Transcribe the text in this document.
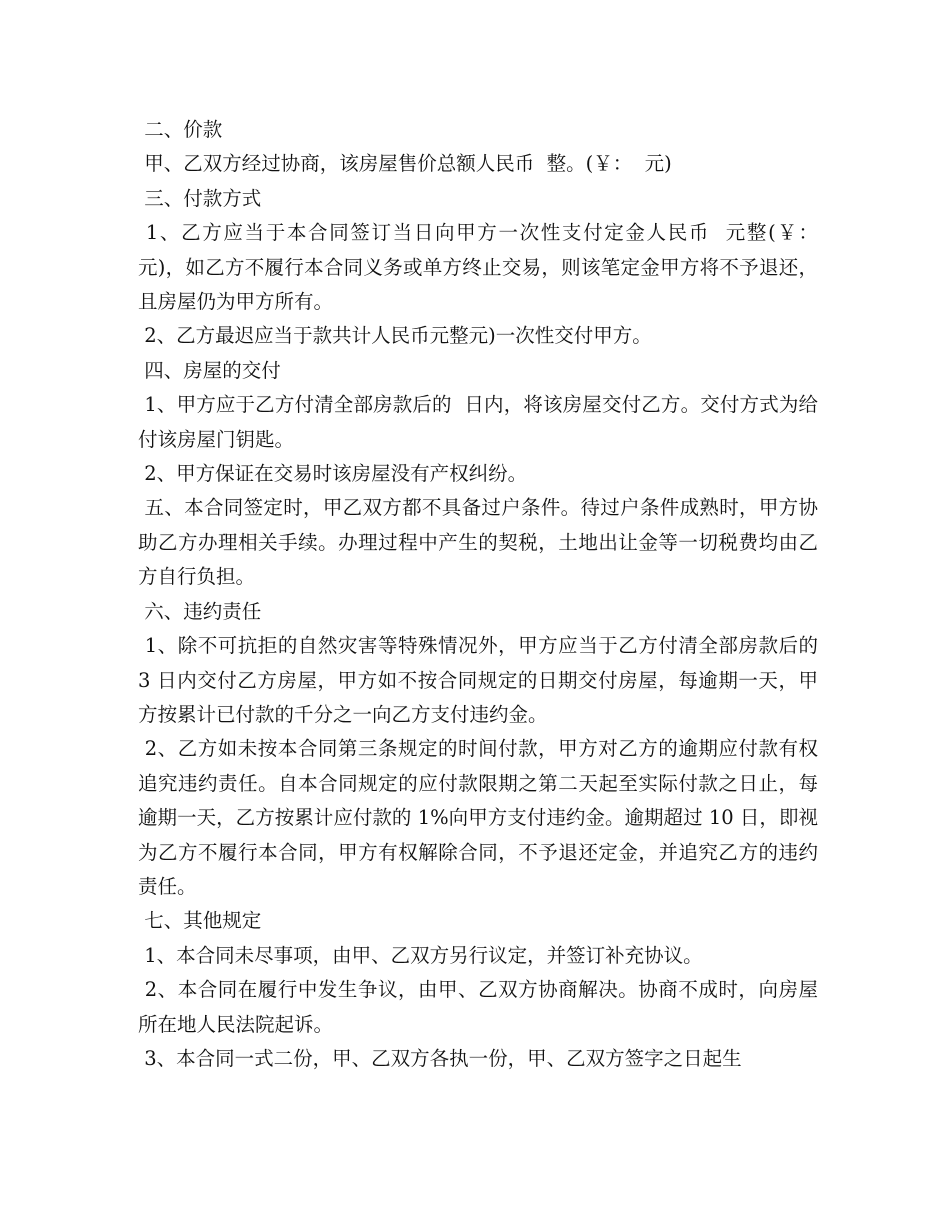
二、价款

甲、乙双方经过协商，该房屋售价总额人民币  整。(￥：  元)

三、付款方式

1、乙方应当于本合同签订当日向甲方一次性支付定金人民币  元整(￥：  元)，如乙方不履行本合同义务或单方终止交易，则该笔定金甲方将不予退还，且房屋仍为甲方所有。

2、乙方最迟应当于款共计人民币元整元)一次性交付甲方。

四、房屋的交付

1、甲方应于乙方付清全部房款后的  日内，将该房屋交付乙方。交付方式为给付该房屋门钥匙。

2、甲方保证在交易时该房屋没有产权纠纷。

五、本合同签定时，甲乙双方都不具备过户条件。待过户条件成熟时，甲方协助乙方办理相关手续。办理过程中产生的契税，土地出让金等一切税费均由乙方自行负担。

六、违约责任

1、除不可抗拒的自然灾害等特殊情况外，甲方应当于乙方付清全部房款后的 3 日内交付乙方房屋，甲方如不按合同规定的日期交付房屋，每逾期一天，甲方按累计已付款的千分之一向乙方支付违约金。

2、乙方如未按本合同第三条规定的时间付款，甲方对乙方的逾期应付款有权追究违约责任。自本合同规定的应付款限期之第二天起至实际付款之日止，每逾期一天，乙方按累计应付款的 1%向甲方支付违约金。逾期超过 10 日，即视为乙方不履行本合同，甲方有权解除合同，不予退还定金，并追究乙方的违约责任。

七、其他规定

1、本合同未尽事项，由甲、乙双方另行议定，并签订补充协议。

2、本合同在履行中发生争议，由甲、乙双方协商解决。协商不成时，向房屋所在地人民法院起诉。

3、本合同一式二份，甲、乙双方各执一份，甲、乙双方签字之日起生
